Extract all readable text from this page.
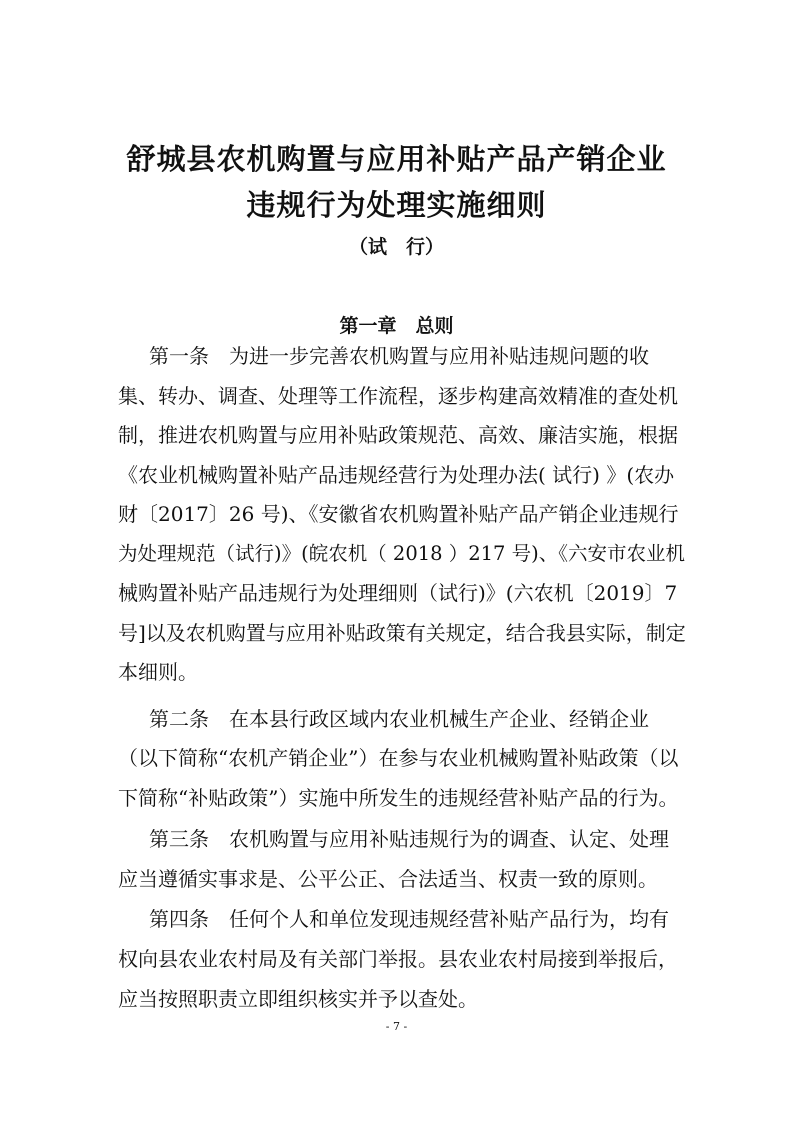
舒城县农机购置与应用补贴产品产销企业
违规行为处理实施细则
（试　行）
第一章　总则
第一条　为进一步完善农机购置与应用补贴违规问题的收
集、转办、调查、处理等工作流程，逐步构建高效精准的查处机
制，推进农机购置与应用补贴政策规范、高效、廉洁实施，根据
《农业机械购置补贴产品违规经营行为处理办法( 试行) 》(农办
财〔2017〕26 号)、《安徽省农机购置补贴产品产销企业违规行
为处理规范（试行)》(皖农机（ 2018 ）217 号)、《六安市农业机
械购置补贴产品违规行为处理细则（试行)》(六农机〔2019〕7
号]以及农机购置与应用补贴政策有关规定，结合我县实际，制定
本细则。
第二条　在本县行政区域内农业机械生产企业、经销企业
（以下简称“农机产销企业”）在参与农业机械购置补贴政策（以
下简称“补贴政策”）实施中所发生的违规经营补贴产品的行为。
第三条　农机购置与应用补贴违规行为的调查、认定、处理
应当遵循实事求是、公平公正、合法适当、权责一致的原则。
第四条　任何个人和单位发现违规经营补贴产品行为，均有
权向县农业农村局及有关部门举报。县农业农村局接到举报后，
应当按照职责立即组织核实并予以查处。
- 7 -
